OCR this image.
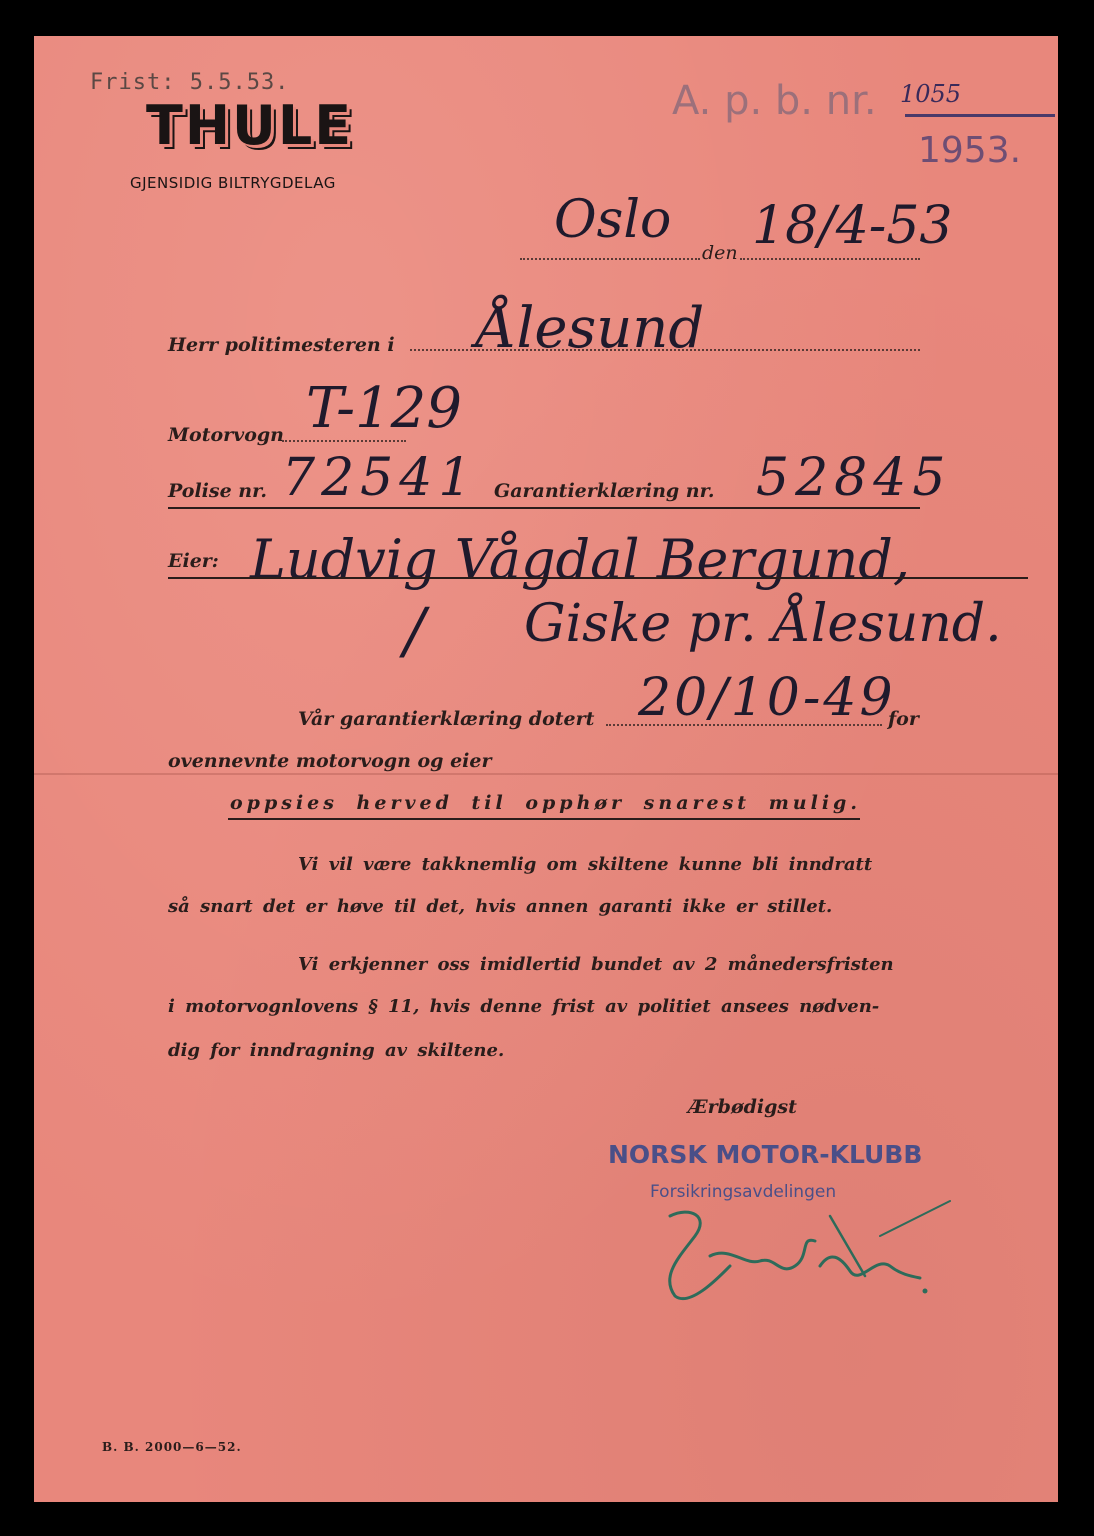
Frist: 5.5.53.
THULE
GJENSIDIG BILTRYGDELAG
A. p. b. nr. 1055
1953.
Oslo
den 18/4-53
Herr politimesteren i Ålesund
Motorvogn T-129
Polise nr. 72541 Garantierklæring nr. 52845
Eier: Ludvig Vågdal Bergund,
/ Giske pr. Ålesund.
Vår garantierklæring dotert 20/10-49
for
ovennevnte motorvogn og eier
oppsies herved til opphør snarest mulig.
Vi vil være takknemlig om skiltene kunne bli inndratt
så snart det er høve til det, hvis annen garanti ikke er stillet.
Vi erkjenner oss imidlertid bundet av 2 månedersfristen
i motorvognlovens § 11, hvis denne frist av politiet ansees nødven-
dig for inndragning av skiltene.
Ærbødigst
NORSK MOTOR-KLUBB
Forsikringsavdelingen
B. B. 2000—6—52.
